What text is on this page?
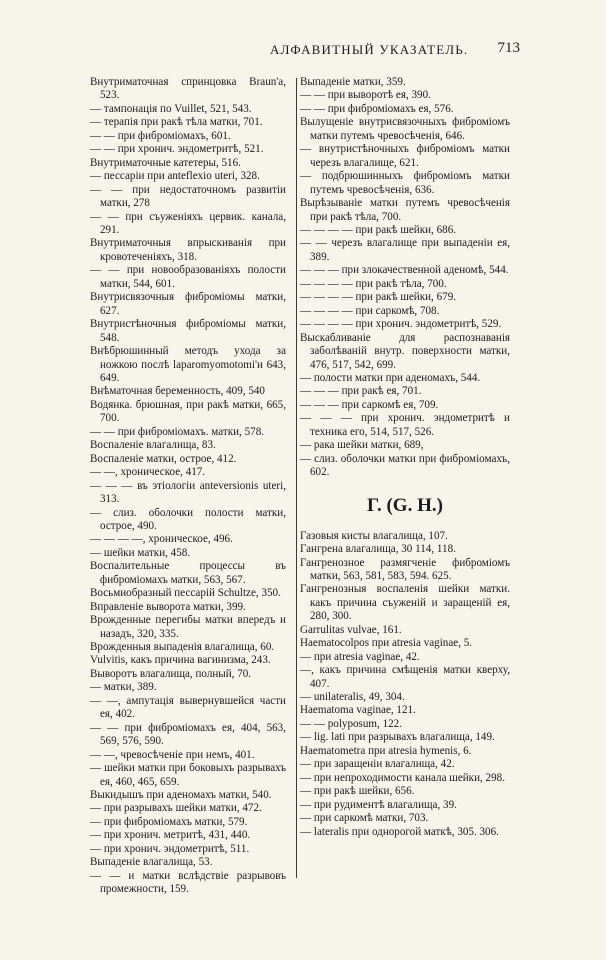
АЛФАВИТНЫЙ УКАЗАТЕЛЬ. 713
Внутриматочная спринцовка Braun'a, 523.
— тампонація по Vuillet, 521, 543.
— терапія при ракѣ тѣла матки, 701.
— — при фиброміомахъ, 601.
— — при хронич. эндометритѣ, 521.
Внутриматочные катетеры, 516.
— пессаріи при antеflexio uteri, 328.
— — при недостаточномъ развитіи матки, 278
— — при съуженіяхъ цервик. канала, 291.
Внутриматочныя впрыскиванія при кровотеченіяхъ, 318.
— — при новообразованіяхъ полости матки, 544, 601.
Внутрисвязочныя фиброміомы матки, 627.
Внутристѣночныя фиброміомы матки, 548.
Внѣбрюшинный методъ ухода за ножкою послѣ laparomyomotomi'и 643, 649.
Внѣматочная беременность, 409, 540
Водянка. брюшная, при ракѣ матки, 665, 700.
— — при фиброміомахъ. матки, 578.
Воспаленіе влагалища, 83.
Воспаленіе матки, острое, 412.
— —, хроническое, 417.
— — — въ этіологіи anteversionis uteri, 313.
— слиз. оболочки полости матки, острое, 490.
— — — —, хроническое, 496.
— шейки матки, 458.
Воспалительные процессы въ фиброміомахъ матки, 563, 567.
Восьмиобразный пессарій Schultze, 350.
Вправленіе выворота матки, 399.
Врожденные перегибы матки впередъ и назадъ, 320, 335.
Врожденныя выпаденія влагалища, 60.
Vulvitis, какъ причина вагинизма, 243.
Выворотъ влагалища, полный, 70.
— матки, 389.
— —, ампутація вывернувшейся части ея, 402.
— — при фиброміомахъ ея, 404, 563, 569, 576, 590.
— —, чревосѣченіе при немъ, 401.
— шейки матки при боковыхъ разрывахъ ея, 460, 465, 659.
Выкидышъ при аденомахъ матки, 540.
— при разрывахъ шейки матки, 472.
— при фиброміомахъ матки, 579.
— при хронич. метритѣ, 431, 440.
— при хронич. эндометритѣ, 511.
Выпаденіе влагалища, 53.
— — и матки вслѣдствіе разрывовъ промежности, 159.
Выпаденіе матки, 359.
— — при выворотѣ ея, 390.
— — при фиброміомахъ ея, 576.
Вылущеніе внутрисвязочныхъ фиброміомъ матки путемъ чревосѣченія, 646.
— внутристѣночныхъ фиброміомъ матки черезъ влагалище, 621.
— подбрюшинныхъ фиброміомъ матки путемъ чревосѣченія, 636.
Вырѣзываніе матки путемъ чревосѣченія при ракѣ тѣла, 700.
— — — — при ракѣ шейки, 686.
— — черезъ влагалище при выпаденіи ея, 389.
— — — при злокачественной аденомѣ, 544.
— — — — при ракѣ тѣла, 700.
— — — — при ракѣ шейки, 679.
— — — — при саркомѣ, 708.
— — — — при хронич. эндометритѣ, 529.
Выскабливаніе для распознаванія заболѣваній внутр. поверхности матки, 476, 517, 542, 699.
— полости матки при аденомахъ, 544.
— — — при ракѣ ея, 701.
— — — при саркомѣ ея, 709.
— — — при хронич. эндометритѣ и техника его, 514, 517, 526.
— рака шейки матки, 689,
— слиз. оболочки матки при фиброміомахъ, 602.
Г. (G. H.)
Газовыя кисты влагалища, 107.
Гангрена влагалища, 30 114, 118.
Гангренозное размягченіе фиброміомъ матки, 563, 581, 583, 594. 625.
Гангренозныя воспаленія шейки матки. какъ причина съуженій и заращеній ея, 280, 300.
Garrulitas vulvae, 161.
Haematocolpos при atresia vaginae, 5.
— при atresia vaginae, 42.
—, какъ причина смѣщенія матки кверху, 407.
— unilateralis, 49, 304.
Haematoma vaginae, 121.
— — polyposum, 122.
— lig. lati при разрывахъ влагалища, 149.
Haematometra при atresia hymenis, 6.
— при заращеніи влагалища, 42.
— при непроходимости канала шейки, 298.
— при ракѣ шейки, 656.
— при рудиментѣ влагалища, 39.
— при саркомѣ матки, 703.
— lateralis при однорогой маткѣ, 305. 306.
